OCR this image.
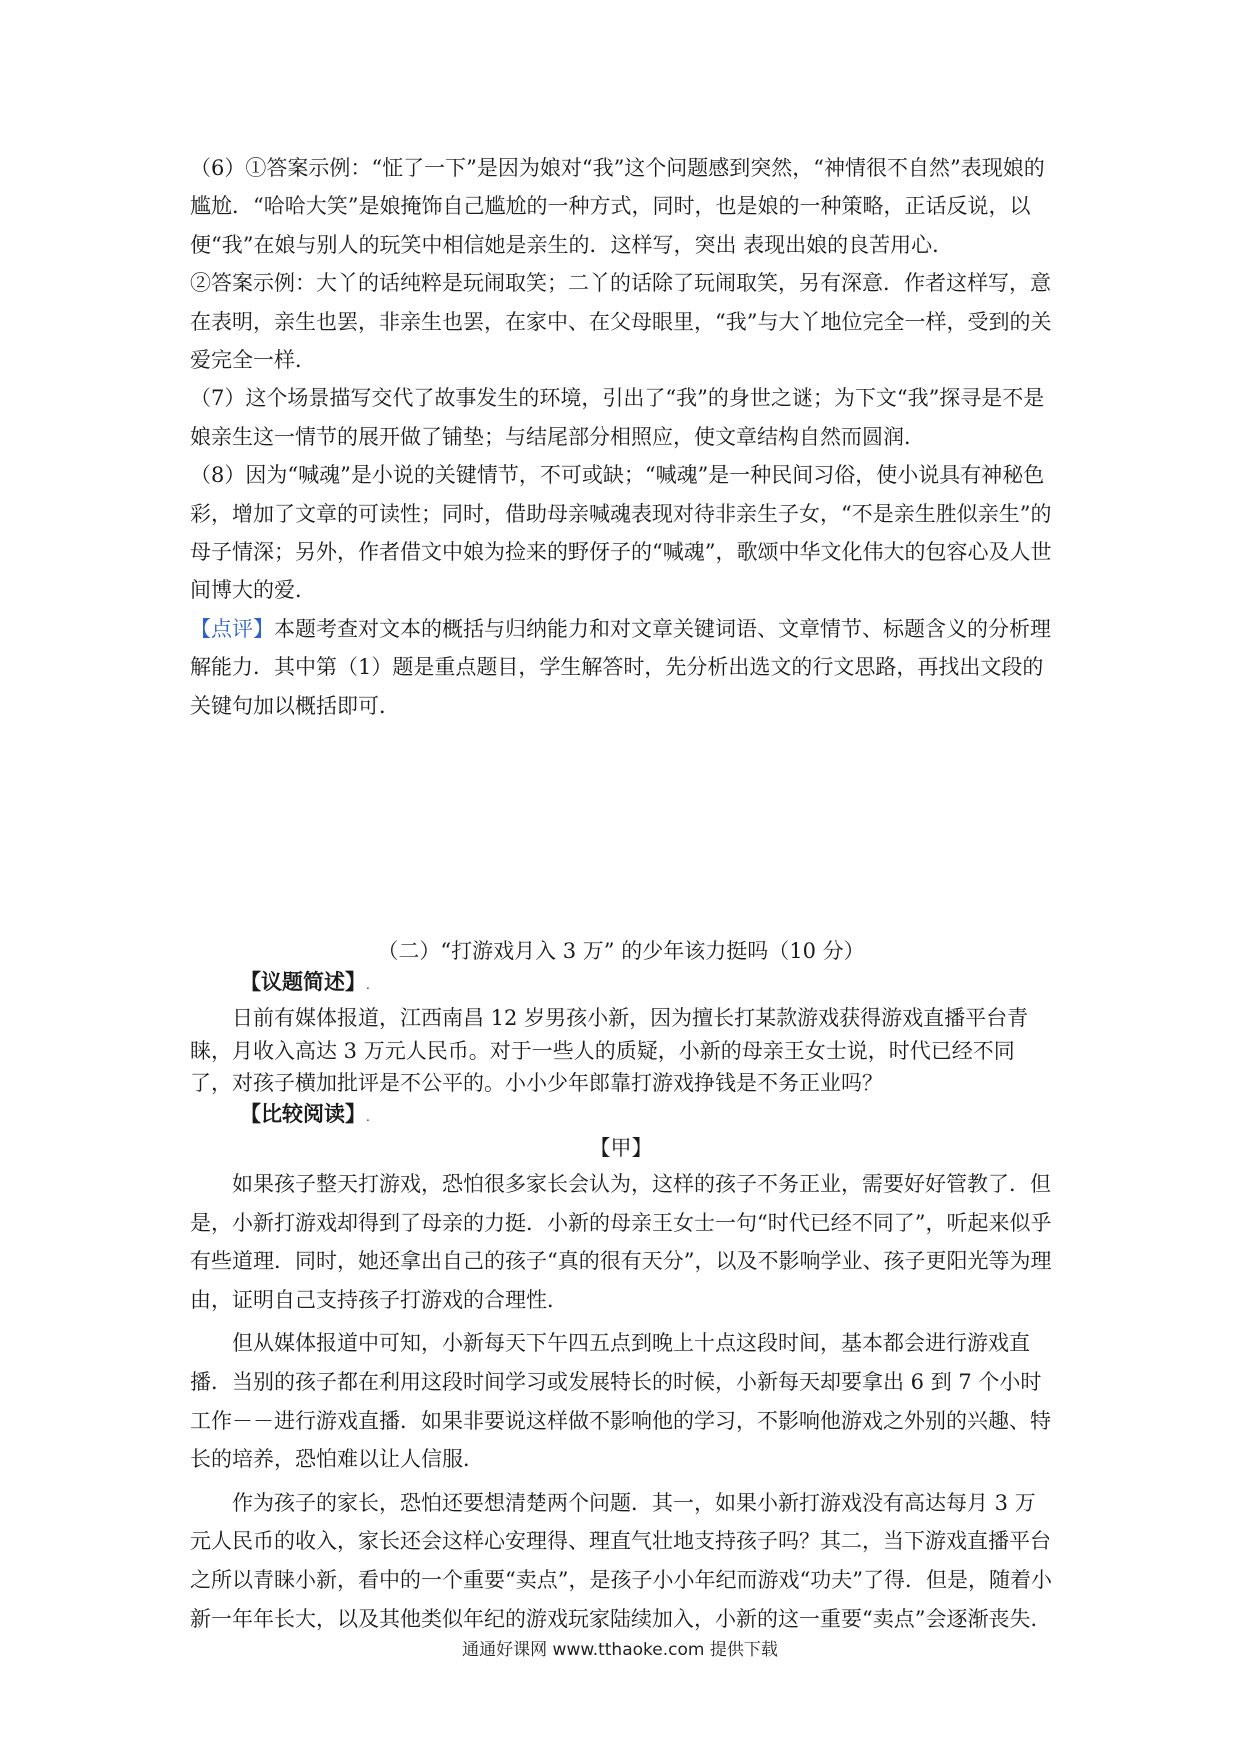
（6）①答案示例：“怔了一下”是因为娘对“我”这个问题感到突然，“神情很不自然”表现娘的尴尬．“哈哈大笑”是娘掩饰自己尴尬的一种方式，同时，也是娘的一种策略，正话反说，以便“我”在娘与别人的玩笑中相信她是亲生的．这样写，突出 表现出娘的良苦用心．

②答案示例：大丫的话纯粹是玩闹取笑；二丫的话除了玩闹取笑，另有深意．作者这样写，意在表明，亲生也罢，非亲生也罢，在家中、在父母眼里，“我”与大丫地位完全一样，受到的关爱完全一样．

（7）这个场景描写交代了故事发生的环境，引出了“我”的身世之谜；为下文“我”探寻是不是娘亲生这一情节的展开做了铺垫；与结尾部分相照应，使文章结构自然而圆润．

（8）因为“喊魂”是小说的关键情节，不可或缺；“喊魂”是一种民间习俗，使小说具有神秘色彩，增加了文章的可读性；同时，借助母亲喊魂表现对待非亲生子女，“不是亲生胜似亲生”的母子情深；另外，作者借文中娘为捡来的野伢子的“喊魂”，歌颂中华文化伟大的包容心及人世间博大的爱．

【点评】本题考查对文本的概括与归纳能力和对文章关键词语、文章情节、标题含义的分析理解能力．其中第（1）题是重点题目，学生解答时，先分析出选文的行文思路，再找出文段的关键句加以概括即可．

（二）“打游戏月入 3 万” 的少年该力挺吗（10 分）
【议题简述】.

日前有媒体报道，江西南昌 12 岁男孩小新，因为擅长打某款游戏获得游戏直播平台青睐，月收入高达 3 万元人民币。对于一些人的质疑，小新的母亲王女士说，时代已经不同了，对孩子横加批评是不公平的。小小少年郎靠打游戏挣钱是不务正业吗？

【比较阅读】.
【甲】

如果孩子整天打游戏，恐怕很多家长会认为，这样的孩子不务正业，需要好好管教了．但是，小新打游戏却得到了母亲的力挺．小新的母亲王女士一句“时代已经不同了”，听起来似乎有些道理．同时，她还拿出自己的孩子“真的很有天分”，以及不影响学业、孩子更阳光等为理由，证明自己支持孩子打游戏的合理性．

但从媒体报道中可知，小新每天下午四五点到晚上十点这段时间，基本都会进行游戏直播．当别的孩子都在利用这段时间学习或发展特长的时候，小新每天却要拿出 6 到 7 个小时工作－－进行游戏直播．如果非要说这样做不影响他的学习，不影响他游戏之外别的兴趣、特长的培养，恐怕难以让人信服．

作为孩子的家长，恐怕还要想清楚两个问题．其一，如果小新打游戏没有高达每月 3 万元人民币的收入，家长还会这样心安理得、理直气壮地支持孩子吗？其二，当下游戏直播平台之所以青睐小新，看中的一个重要“卖点”，是孩子小小年纪而游戏“功夫”了得．但是，随着小新一年年长大，以及其他类似年纪的游戏玩家陆续加入，小新的这一重要“卖点”会逐渐丧失．

通通好课网 www.tthaoke.com 提供下载
